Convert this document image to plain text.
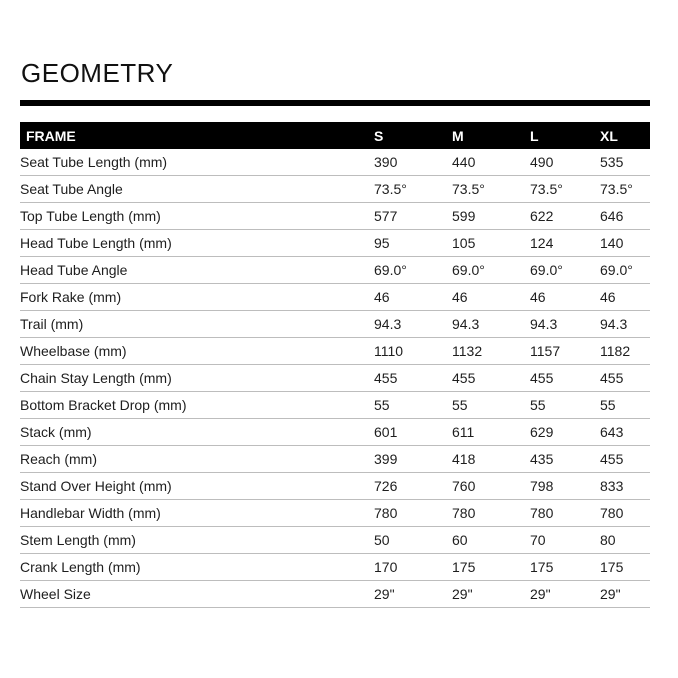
GEOMETRY
FRAME	S	M	L	XL
Seat Tube Length (mm)	390	440	490	535
Seat Tube Angle	73.5°	73.5°	73.5°	73.5°
Top Tube Length (mm)	577	599	622	646
Head Tube Length (mm)	95	105	124	140
Head Tube Angle	69.0°	69.0°	69.0°	69.0°
Fork Rake (mm)	46	46	46	46
Trail (mm)	94.3	94.3	94.3	94.3
Wheelbase (mm)	1110	1132	1157	1182
Chain Stay Length (mm)	455	455	455	455
Bottom Bracket Drop (mm)	55	55	55	55
Stack (mm)	601	611	629	643
Reach (mm)	399	418	435	455
Stand Over Height (mm)	726	760	798	833
Handlebar Width (mm)	780	780	780	780
Stem Length (mm)	50	60	70	80
Crank Length (mm)	170	175	175	175
Wheel Size	29"	29"	29"	29"
